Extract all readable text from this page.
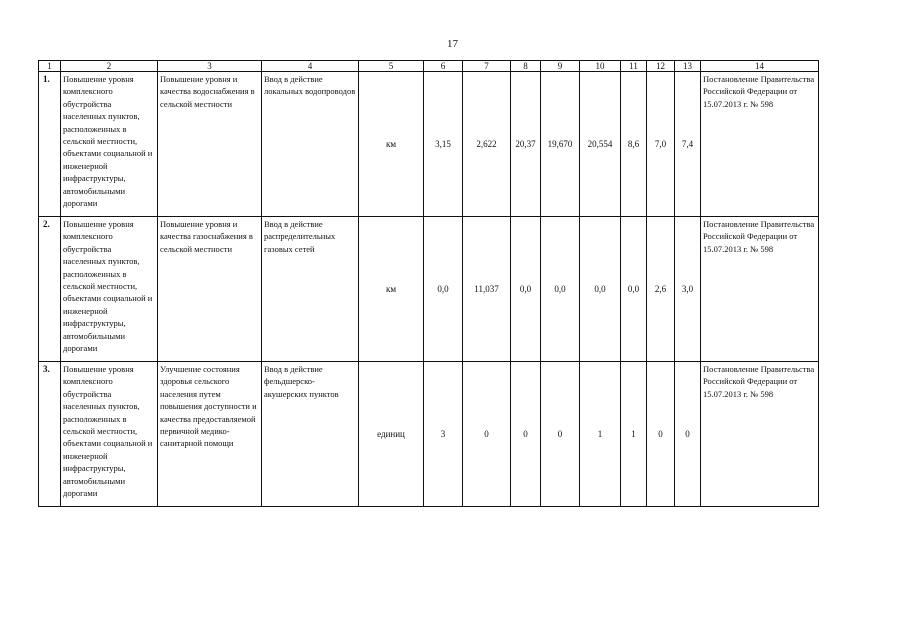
17
1	2	3	4	5	6	7	8	9	10	11	12	13	14
1.	Повышение уровня комплексного обустройства населенных пунктов, расположенных в сельской местности, объектами социальной и инженерной инфраструктуры, автомобильными дорогами	Повышение уровня и качества водоснабжения в сельской местности	Ввод в действие локальных водопроводов	км	3,15	2,622	20,37	19,670	20,554	8,6	7,0	7,4	Постановление Правительства Российской Федерации от 15.07.2013 г. № 598
2.	Повышение уровня комплексного обустройства населенных пунктов, расположенных в сельской местности, объектами социальной и инженерной инфраструктуры, автомобильными дорогами	Повышение уровня и качества газоснабжения в сельской местности	Ввод в действие распределительных газовых сетей	км	0,0	11,037	0,0	0,0	0,0	0,0	2,6	3,0	Постановление Правительства Российской Федерации от 15.07.2013 г. № 598
3.	Повышение уровня комплексного обустройства населенных пунктов, расположенных в сельской местности, объектами социальной и инженерной инфраструктуры, автомобильными дорогами	Улучшение состояния здоровья сельского населения путем повышения доступности и качества предоставляемой первичной медико-санитарной помощи	Ввод в действие фельдшерско-акушерских пунктов	единиц	3	0	0	0	1	1	0	0	Постановление Правительства Российской Федерации от 15.07.2013 г. № 598
